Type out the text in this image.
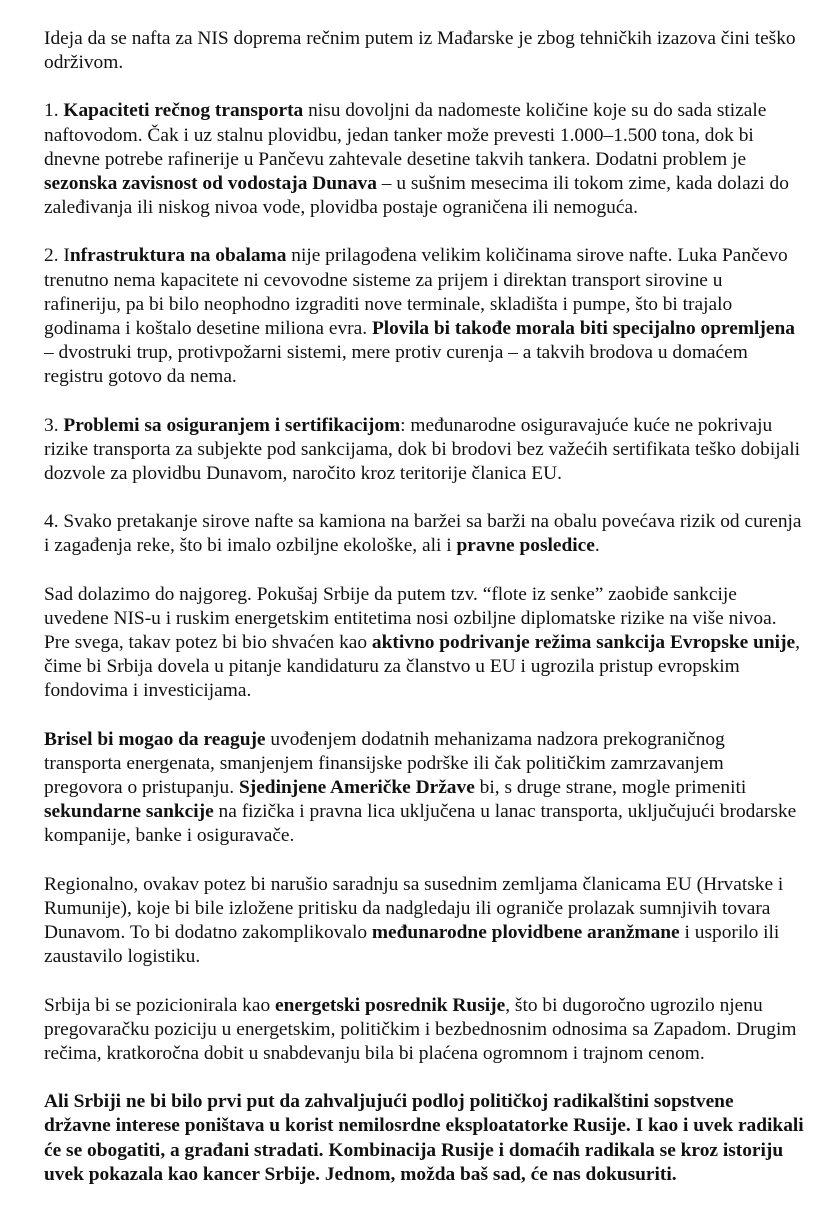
Ideja da se nafta za NIS doprema rečnim putem iz Mađarske je zbog tehničkih izazova čini teško održivom.

1. Kapaciteti rečnog transporta nisu dovoljni da nadomeste količine koje su do sada stizale naftovodom. Čak i uz stalnu plovidbu, jedan tanker može prevesti 1.000–1.500 tona, dok bi dnevne potrebe rafinerije u Pančevu zahtevale desetine takvih tankera. Dodatni problem je sezonska zavisnost od vodostaja Dunava – u sušnim mesecima ili tokom zime, kada dolazi do zaleđivanja ili niskog nivoa vode, plovidba postaje ograničena ili nemoguća.

2. Infrastruktura na obalama nije prilagođena velikim količinama sirove nafte. Luka Pančevo trenutno nema kapacitete ni cevovodne sisteme za prijem i direktan transport sirovine u rafineriju, pa bi bilo neophodno izgraditi nove terminale, skladišta i pumpe, što bi trajalo godinama i koštalo desetine miliona evra. Plovila bi takođe morala biti specijalno opremljena – dvostruki trup, protivpožarni sistemi, mere protiv curenja – a takvih brodova u domaćem registru gotovo da nema.

3. Problemi sa osiguranjem i sertifikacijom: međunarodne osiguravajuće kuće ne pokrivaju rizike transporta za subjekte pod sankcijama, dok bi brodovi bez važećih sertifikata teško dobijali dozvole za plovidbu Dunavom, naročito kroz teritorije članica EU.

4. Svako pretakanje sirove nafte sa kamiona na baržei sa barži na obalu povećava rizik od curenja i zagađenja reke, što bi imalo ozbiljne ekološke, ali i pravne posledice.

Sad dolazimo do najgoreg. Pokušaj Srbije da putem tzv. “flote iz senke” zaobiđe sankcije uvedene NIS-u i ruskim energetskim entitetima nosi ozbiljne diplomatske rizike na više nivoa. Pre svega, takav potez bi bio shvaćen kao aktivno podrivanje režima sankcija Evropske unije, čime bi Srbija dovela u pitanje kandidaturu za članstvo u EU i ugrozila pristup evropskim fondovima i investicijama.

Brisel bi mogao da reaguje uvođenjem dodatnih mehanizama nadzora prekograničnog transporta energenata, smanjenjem finansijske podrške ili čak političkim zamrzavanjem pregovora o pristupanju. Sjedinjene Američke Države bi, s druge strane, mogle primeniti sekundarne sankcije na fizička i pravna lica uključena u lanac transporta, uključujući brodarske kompanije, banke i osiguravače.

Regionalno, ovakav potez bi narušio saradnju sa susednim zemljama članicama EU (Hrvatske i Rumunije), koje bi bile izložene pritisku da nadgledaju ili ograniče prolazak sumnjivih tovara Dunavom. To bi dodatno zakomplikovalo međunarodne plovidbene aranžmane i usporilo ili zaustavilo logistiku.

Srbija bi se pozicionirala kao energetski posrednik Rusije, što bi dugoročno ugrozilo njenu pregovaračku poziciju u energetskim, političkim i bezbednosnim odnosima sa Zapadom. Drugim rečima, kratkoročna dobit u snabdevanju bila bi plaćena ogromnom i trajnom cenom.

Ali Srbiji ne bi bilo prvi put da zahvaljujući podloj političkoj radikalštini sopstvene državne interese poništava u korist nemilosrdne eksploatatorke Rusije. I kao i uvek radikali će se obogatiti, a građani stradati. Kombinacija Rusije i domaćih radikala se kroz istoriju uvek pokazala kao kancer Srbije. Jednom, možda baš sad, će nas dokusuriti.
